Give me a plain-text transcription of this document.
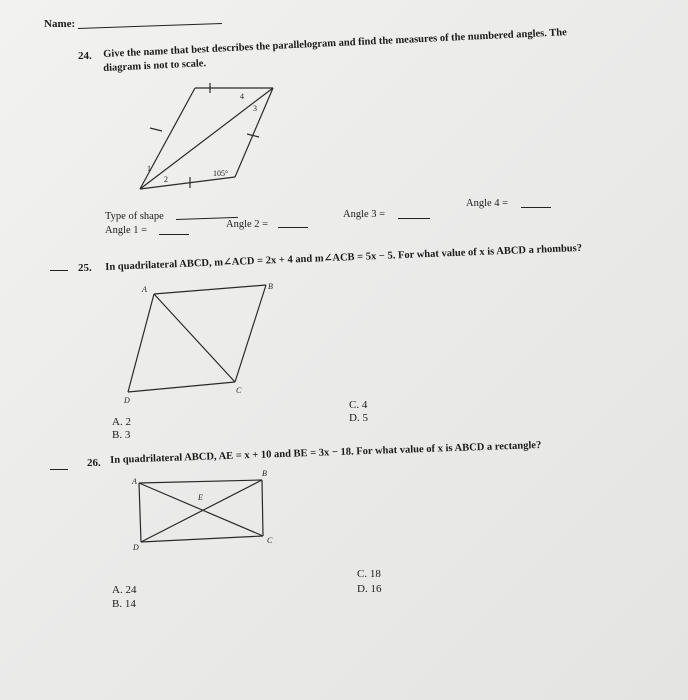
Name:
24. Give the name that best describes the parallelogram and find the measures of the numbered angles. The
diagram is not to scale.
1
2
3
4
105°
Type of shape
Angle 1 =
Angle 2 =
Angle 3 =
Angle 4 =
25. In quadrilateral ABCD, m∠ACD = 2x + 4 and m∠ACB = 5x − 5. For what value of x is ABCD a rhombus?
A	B
C
D
A. 2
B. 3
C. 4
D. 5
26. In quadrilateral ABCD, AE = x + 10 and BE = 3x − 18. For what value of x is ABCD a rectangle?
A
B
C
D
E
A. 24
B. 14
C. 18
D. 16
